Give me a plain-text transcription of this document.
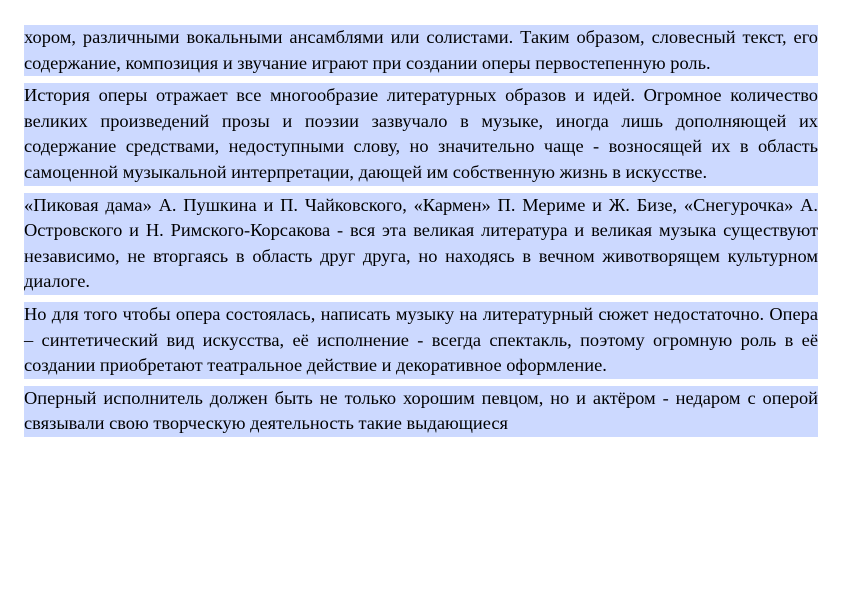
хором, различными вокальными ансамблями или солистами. Таким образом, словесный текст, его содержание, композиция и звучание играют при создании оперы первостепенную роль.

История оперы отражает все многообразие литературных образов и идей. Огромное количество великих произведений прозы и поэзии зазвучало в музыке, иногда лишь дополняющей их содержание средствами, недоступными слову, но значительно чаще - возносящей их в область самоценной музыкальной интерпретации, дающей им собственную жизнь в искусстве.

«Пиковая дама» А. Пушкина и П. Чайковского, «Кармен» П. Мериме и Ж. Бизе, «Снегурочка» А. Островского и Н. Римского-Корсакова - вся эта великая литература и великая музыка существуют независимо, не вторгаясь в область друг друга, но находясь в вечном животворящем культурном диалоге.

Но для того чтобы опера состоялась, написать музыку на литературный сюжет недостаточно. Опера – синтетический вид искусства, её исполнение - всегда спектакль, поэтому огромную роль в её создании приобретают театральное действие и декоративное оформление.

Оперный исполнитель должен быть не только хорошим певцом, но и актёром - недаром с оперой связывали свою творческую деятельность такие выдающиеся
